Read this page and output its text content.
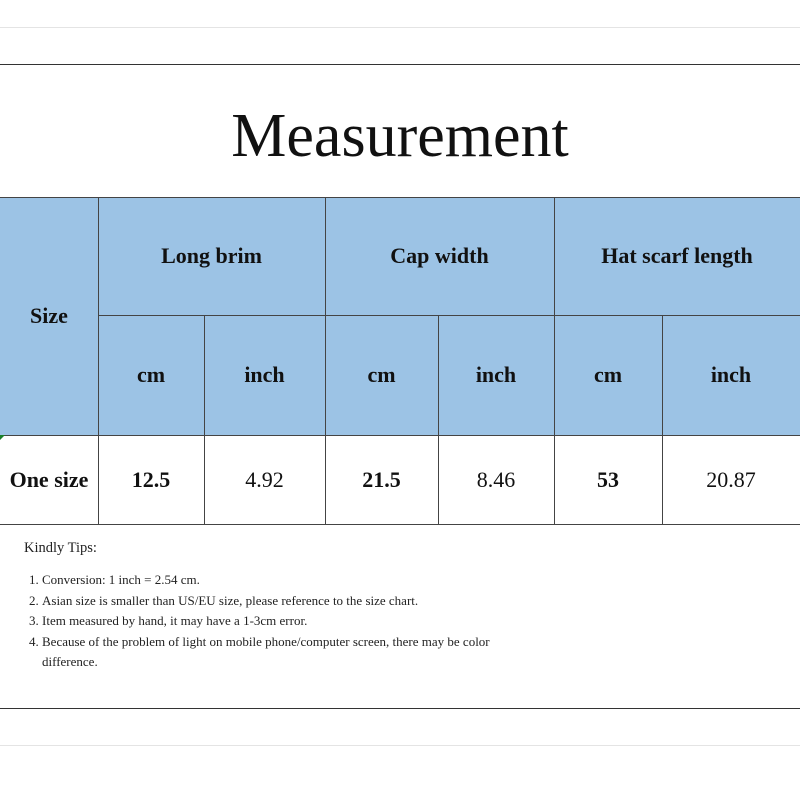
Measurement
Size
Long brim	Cap width	Hat scarf length
cm	inch	cm	inch	cm	inch
One size	12.5	4.92	21.5	8.46	53	20.87
Kindly Tips:
1. Conversion: 1 inch = 2.54 cm.
2. Asian size is smaller than US/EU size, please reference to the size chart.
3. Item measured by hand, it may have a 1-3cm error.
4. Because of the problem of light on mobile phone/computer screen, there may be color difference.
